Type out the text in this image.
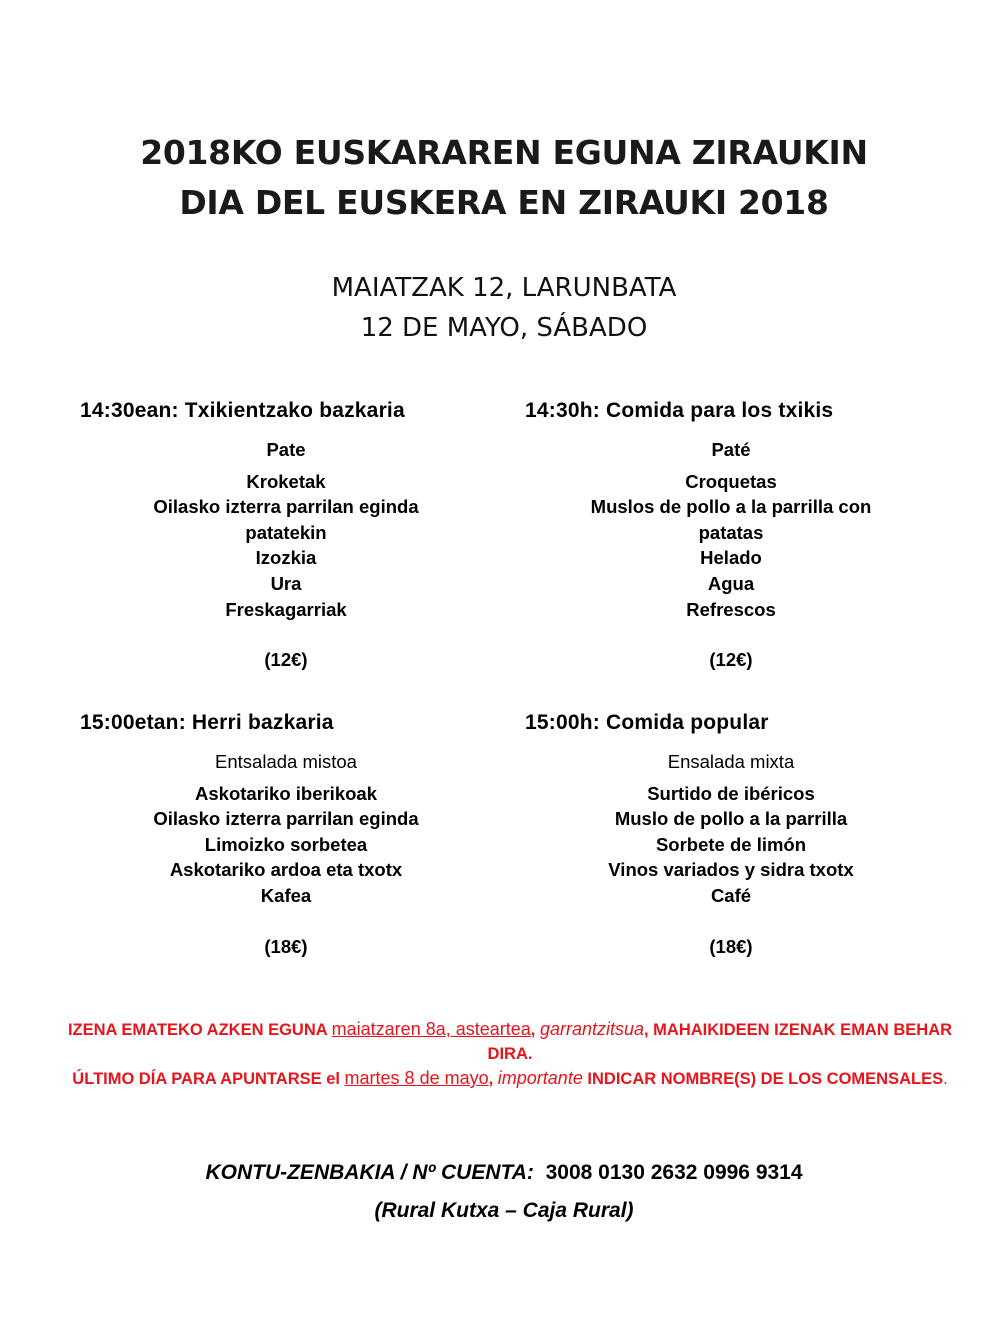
2018KO EUSKARAREN EGUNA ZIRAUKIN
DIA DEL EUSKERA EN ZIRAUKI 2018
MAIATZAK 12, LARUNBATA
12 DE MAYO, SÁBADO
14:30ean: Txikientzako bazkaria
Pate
Kroketak
Oilasko izterra parrilan eginda
patatekin
Izozkia
Ura
Freskagarriak
(12€)
14:30h: Comida para los txikis
Paté
Croquetas
Muslos de pollo a la parrilla con
patatas
Helado
Agua
Refrescos
(12€)
15:00etan: Herri bazkaria
Entsalada mistoa
Askotariko iberikoak
Oilasko izterra parrilan eginda
Limoizko sorbetea
Askotariko ardoa eta txotx
Kafea
(18€)
15:00h: Comida popular
Ensalada mixta
Surtido de ibéricos
Muslo de pollo a la parrilla
Sorbete de limón
Vinos variados y sidra txotx
Café
(18€)
IZENA EMATEKO AZKEN EGUNA maiatzaren 8a, asteartea, garrantzitsua, MAHAIKIDEEN IZENAK EMAN BEHAR DIRA.
ÚLTIMO DÍA PARA APUNTARSE el martes 8 de mayo, importante INDICAR NOMBRE(S) DE LOS COMENSALES.
KONTU-ZENBAKIA / Nº CUENTA: 3008 0130 2632 0996 9314
(Rural Kutxa – Caja Rural)
